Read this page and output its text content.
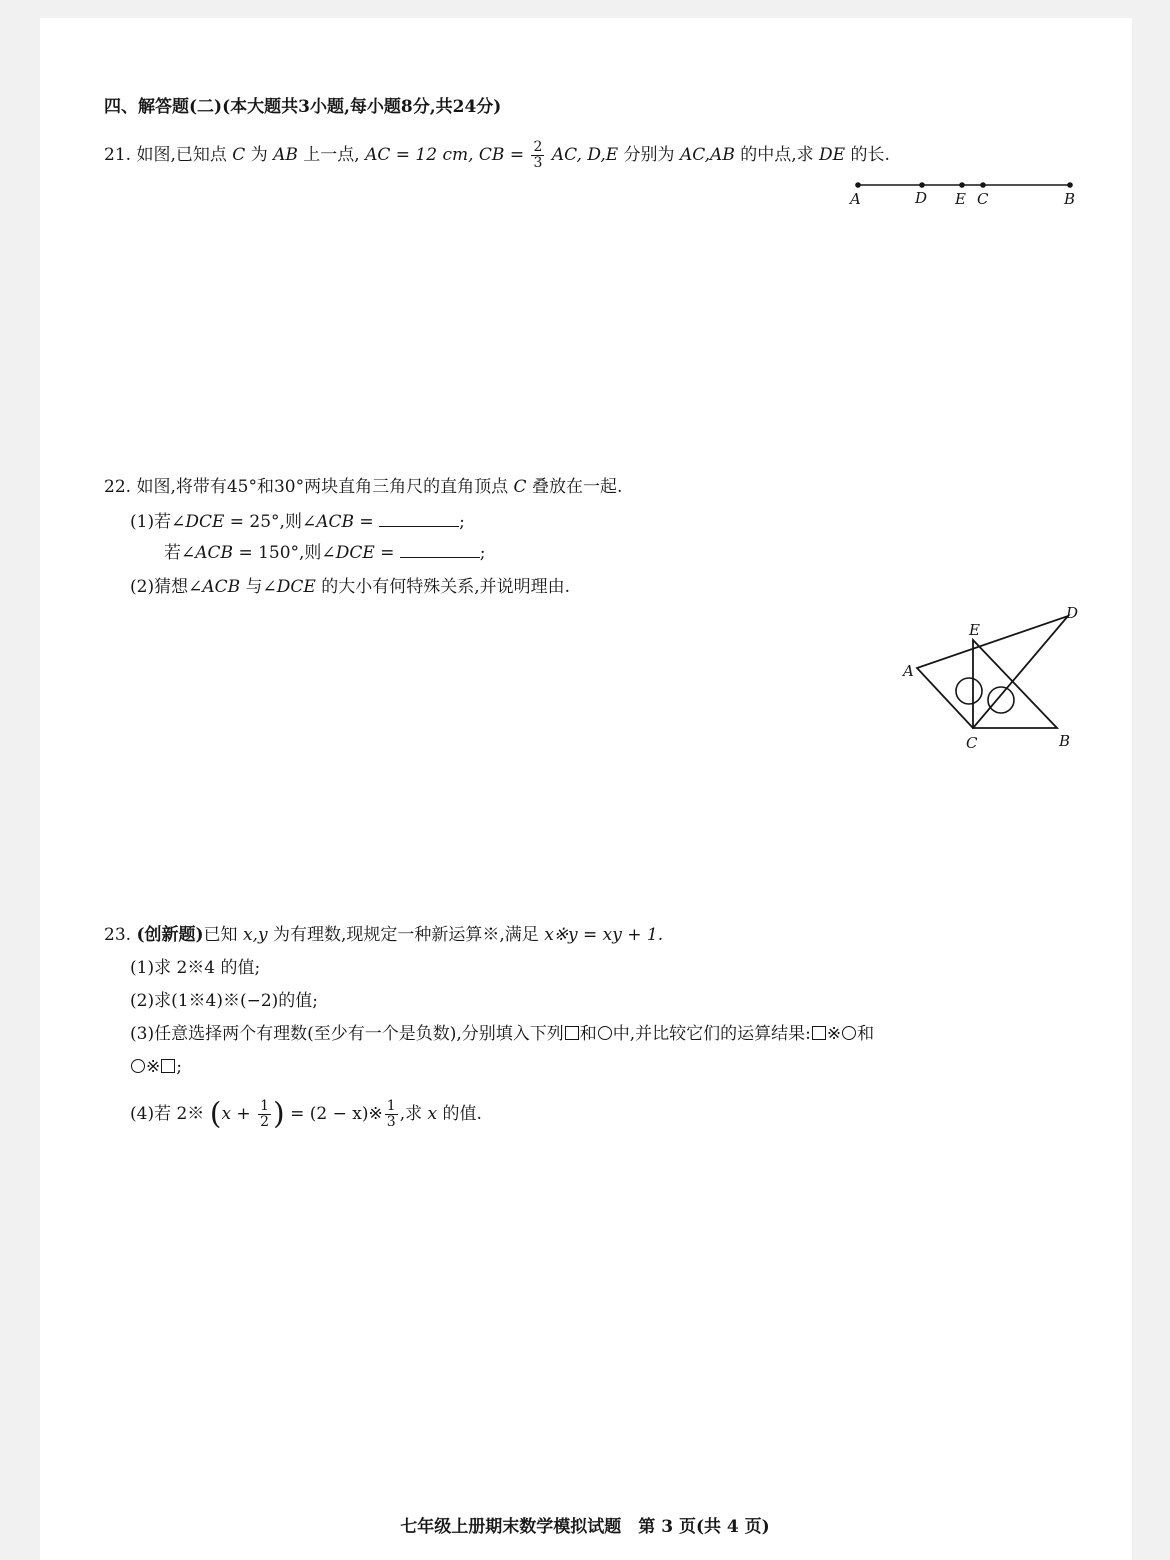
四、解答题(二)(本大题共3小题,每小题8分,共24分)
21. 如图,已知点 C 为 AB 上一点, AC = 12 cm, CB = $\frac{2}{3}$ AC, D,E 分别为 AC,AB 的中点,求 DE 的长.
A	D E C	B
22. 如图,将带有45°和30°两块直角三角尺的直角顶点 C 叠放在一起.
(1)若∠DCE = 25°,则∠ACB =	;
若∠ACB = 150°,则∠DCE =	;
(2)猜想∠ACB 与∠DCE 的大小有何特殊关系,并说明理由.
D
E
A
C	B
23. (创新题)已知 x,y 为有理数,现规定一种新运算※,满足 x※y = xy + 1.
(1)求 2※4 的值;
(2)求(1※4)※(−2)的值;
(3)任意选择两个有理数(至少有一个是负数),分别填入下列 和 中,并比较它们的运算结果: ※ 和
※ ;
(4)若 2※ ($x + \frac{1}{2}$ ) = (2 − x)※ $\frac{1}{3}$ ,求 x 的值.
七年级上册期末数学模拟试题　第 3 页(共 4 页)
